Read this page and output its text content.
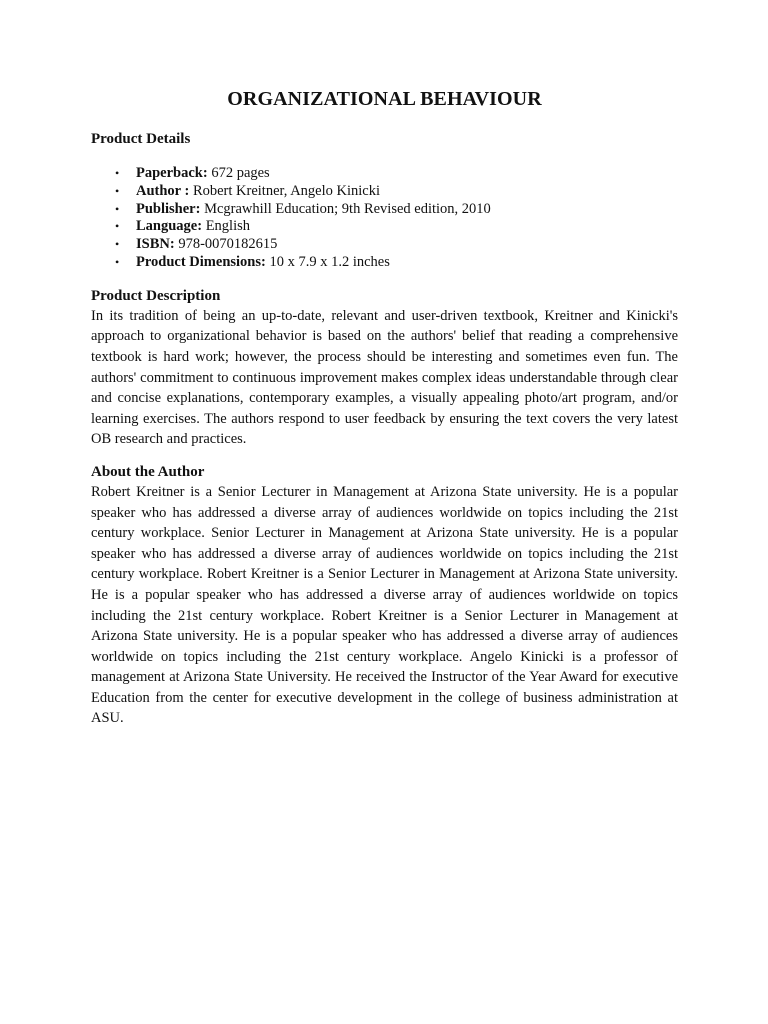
ORGANIZATIONAL BEHAVIOUR
Product Details
• Paperback: 672 pages
• Author : Robert Kreitner, Angelo Kinicki
• Publisher: Mcgrawhill Education; 9th Revised edition, 2010
• Language: English
• ISBN: 978-0070182615
• Product Dimensions: 10 x 7.9 x 1.2 inches
Product Description

In its tradition of being an up-to-date, relevant and user-driven textbook, Kreitner and Kinicki's approach to organizational behavior is based on the authors' belief that reading a comprehensive textbook is hard work; however, the process should be interesting and sometimes even fun. The authors' commitment to continuous improvement makes complex ideas understandable through clear and concise explanations, contemporary examples, a visually appealing photo/art program, and/or learning exercises. The authors respond to user feedback by ensuring the text covers the very latest OB research and practices.

About the Author

Robert Kreitner is a Senior Lecturer in Management at Arizona State university. He is a popular speaker who has addressed a diverse array of audiences worldwide on topics including the 21st century workplace. Senior Lecturer in Management at Arizona State university. He is a popular speaker who has addressed a diverse array of audiences worldwide on topics including the 21st century workplace. Robert Kreitner is a Senior Lecturer in Management at Arizona State university. He is a popular speaker who has addressed a diverse array of audiences worldwide on topics including the 21st century workplace. Robert Kreitner is a Senior Lecturer in Management at Arizona State university. He is a popular speaker who has addressed a diverse array of audiences worldwide on topics including the 21st century workplace. Angelo Kinicki is a professor of management at Arizona State University. He received the Instructor of the Year Award for executive Education from the center for executive development in the college of business administration at ASU.
